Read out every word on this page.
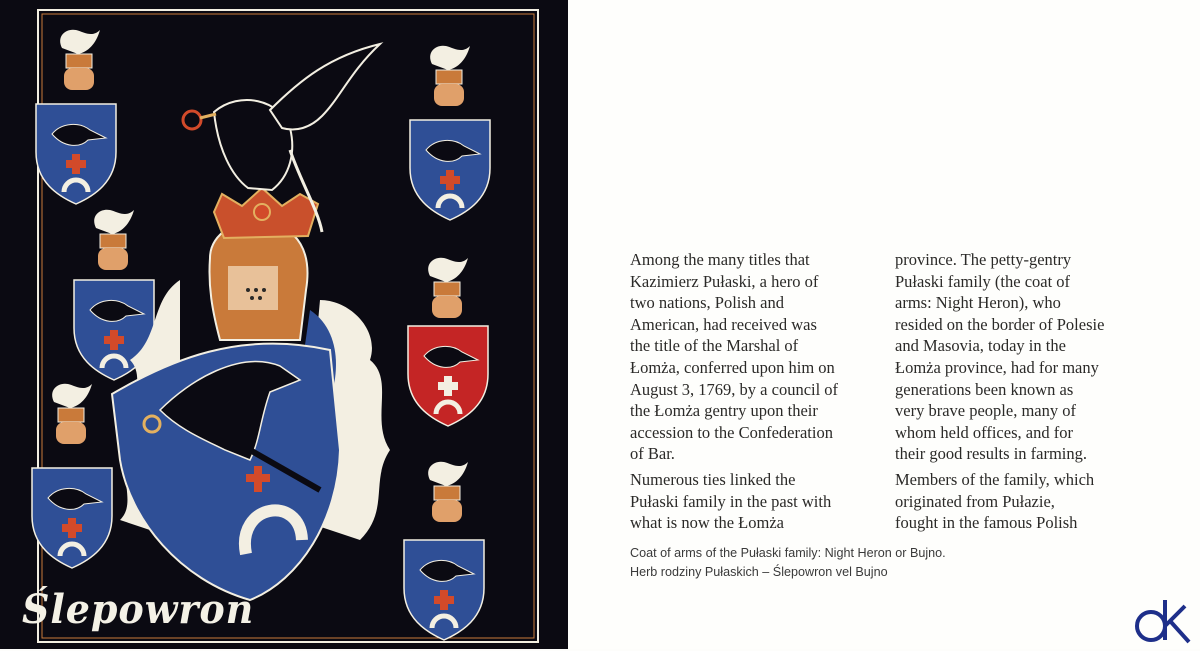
Ślepowron

Among the many titles that
Kazimierz Pułaski, a hero of
two nations, Polish and
American, had received was
the title of the Marshal of
Łomża, conferred upon him on
August 3, 1769, by a council of
the Łomża gentry upon their
accession to the Confederation
of Bar.

Numerous ties linked the
Pułaski family in the past with
what is now the Łomża

province. The petty-gentry
Pułaski family (the coat of
arms: Night Heron), who
resided on the border of Polesie
and Masovia, today in the
Łomża province, had for many
generations been known as
very brave people, many of
whom held offices, and for
their good results in farming.

Members of the family, which
originated from Pułazie,
fought in the famous Polish

Coat of arms of the Pułaski family: Night Heron or Bujno.
Herb rodziny Pułaskich – Ślepowron vel Bujno
